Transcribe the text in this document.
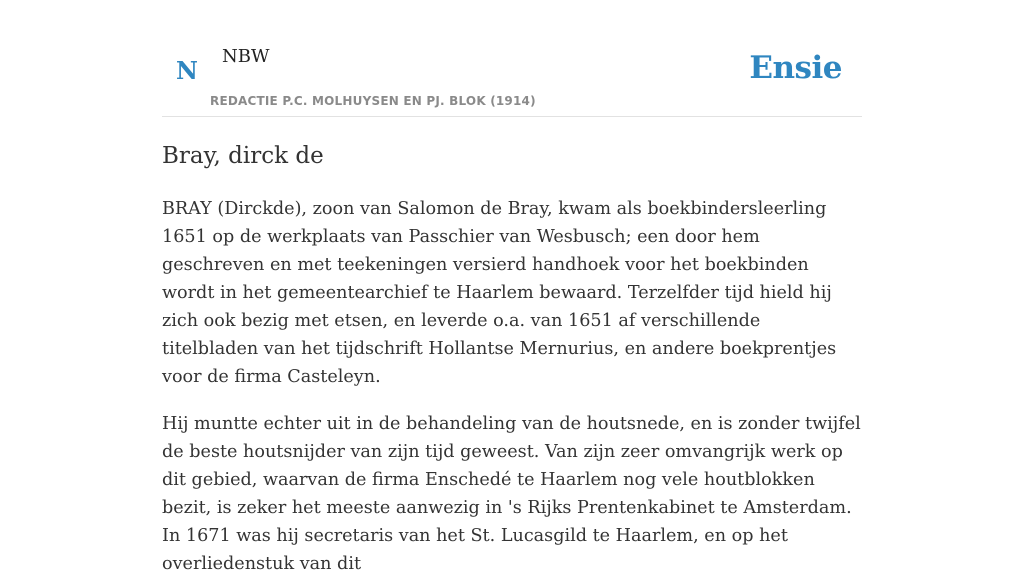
N NBW
REDACTIE P.C. MOLHUYSEN EN PJ. BLOK (1914)
Ensie
Bray, dirck de

BRAY (Dirckde), zoon van Salomon de Bray, kwam als boekbindersleerling 1651 op de werkplaats van Passchier van Wesbusch; een door hem geschreven en met teekeningen versierd handhoek voor het boekbinden wordt in het gemeentearchief te Haarlem bewaard. Terzelfder tijd hield hij zich ook bezig met etsen, en leverde o.a. van 1651 af verschillende titelbladen van het tijdschrift Hollantse Mernurius, en andere boekprentjes voor de firma Casteleyn.

Hij muntte echter uit in de behandeling van de houtsnede, en is zonder twijfel de beste houtsnijder van zijn tijd geweest. Van zijn zeer omvangrijk werk op dit gebied, waarvan de firma Enschedé te Haarlem nog vele houtblokken bezit, is zeker het meeste aanwezig in 's Rijks Prentenkabinet te Amsterdam. In 1671 was hij secretaris van het St. Lucasgild te Haarlem, en op het overliedenstuk van dit
